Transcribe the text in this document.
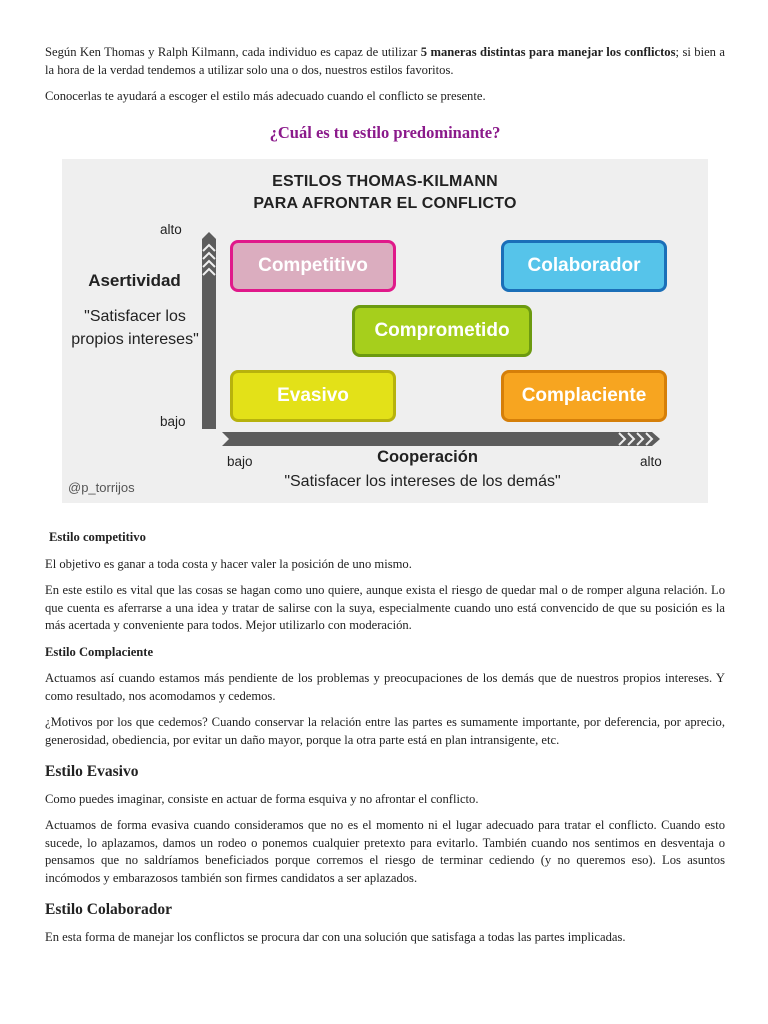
Según Ken Thomas y Ralph Kilmann, cada individuo es capaz de utilizar 5 maneras distintas para manejar los conflictos; si bien a la hora de la verdad tendemos a utilizar solo una o dos, nuestros estilos favoritos.

Conocerlas te ayudará a escoger el estilo más adecuado cuando el conflicto se presente.

¿Cuál es tu estilo predominante?
ESTILOS THOMAS-KILMANN
PARA AFRONTAR EL CONFLICTO
alto
bajo
Asertividad
"Satisfacer los propios intereses"
Competitivo	Colaborador
Comprometido
Evasivo	Complaciente
bajo	alto
Cooperación
"Satisfacer los intereses de los demás"
@p_torrijos
Estilo competitivo

El objetivo es ganar a toda costa y hacer valer la posición de uno mismo.

En este estilo es vital que las cosas se hagan como uno quiere, aunque exista el riesgo de quedar mal o de romper alguna relación. Lo que cuenta es aferrarse a una idea y tratar de salirse con la suya, especialmente cuando uno está convencido de que su posición es la más acertada y conveniente para todos. Mejor utilizarlo con moderación.

Estilo Complaciente

Actuamos así cuando estamos más pendiente de los problemas y preocupaciones de los demás que de nuestros propios intereses. Y como resultado, nos acomodamos y cedemos.

¿Motivos por los que cedemos? Cuando conservar la relación entre las partes es sumamente importante, por deferencia, por aprecio, generosidad, obediencia, por evitar un daño mayor, porque la otra parte está en plan intransigente, etc.

Estilo Evasivo

Como puedes imaginar, consiste en actuar de forma esquiva y no afrontar el conflicto.

Actuamos de forma evasiva cuando consideramos que no es el momento ni el lugar adecuado para tratar el conflicto. Cuando esto sucede, lo aplazamos, damos un rodeo o ponemos cualquier pretexto para evitarlo. También cuando nos sentimos en desventaja o pensamos que no saldríamos beneficiados porque corremos el riesgo de terminar cediendo (y no queremos eso). Los asuntos incómodos y embarazosos también son firmes candidatos a ser aplazados.

Estilo Colaborador

En esta forma de manejar los conflictos se procura dar con una solución que satisfaga a todas las partes implicadas.
